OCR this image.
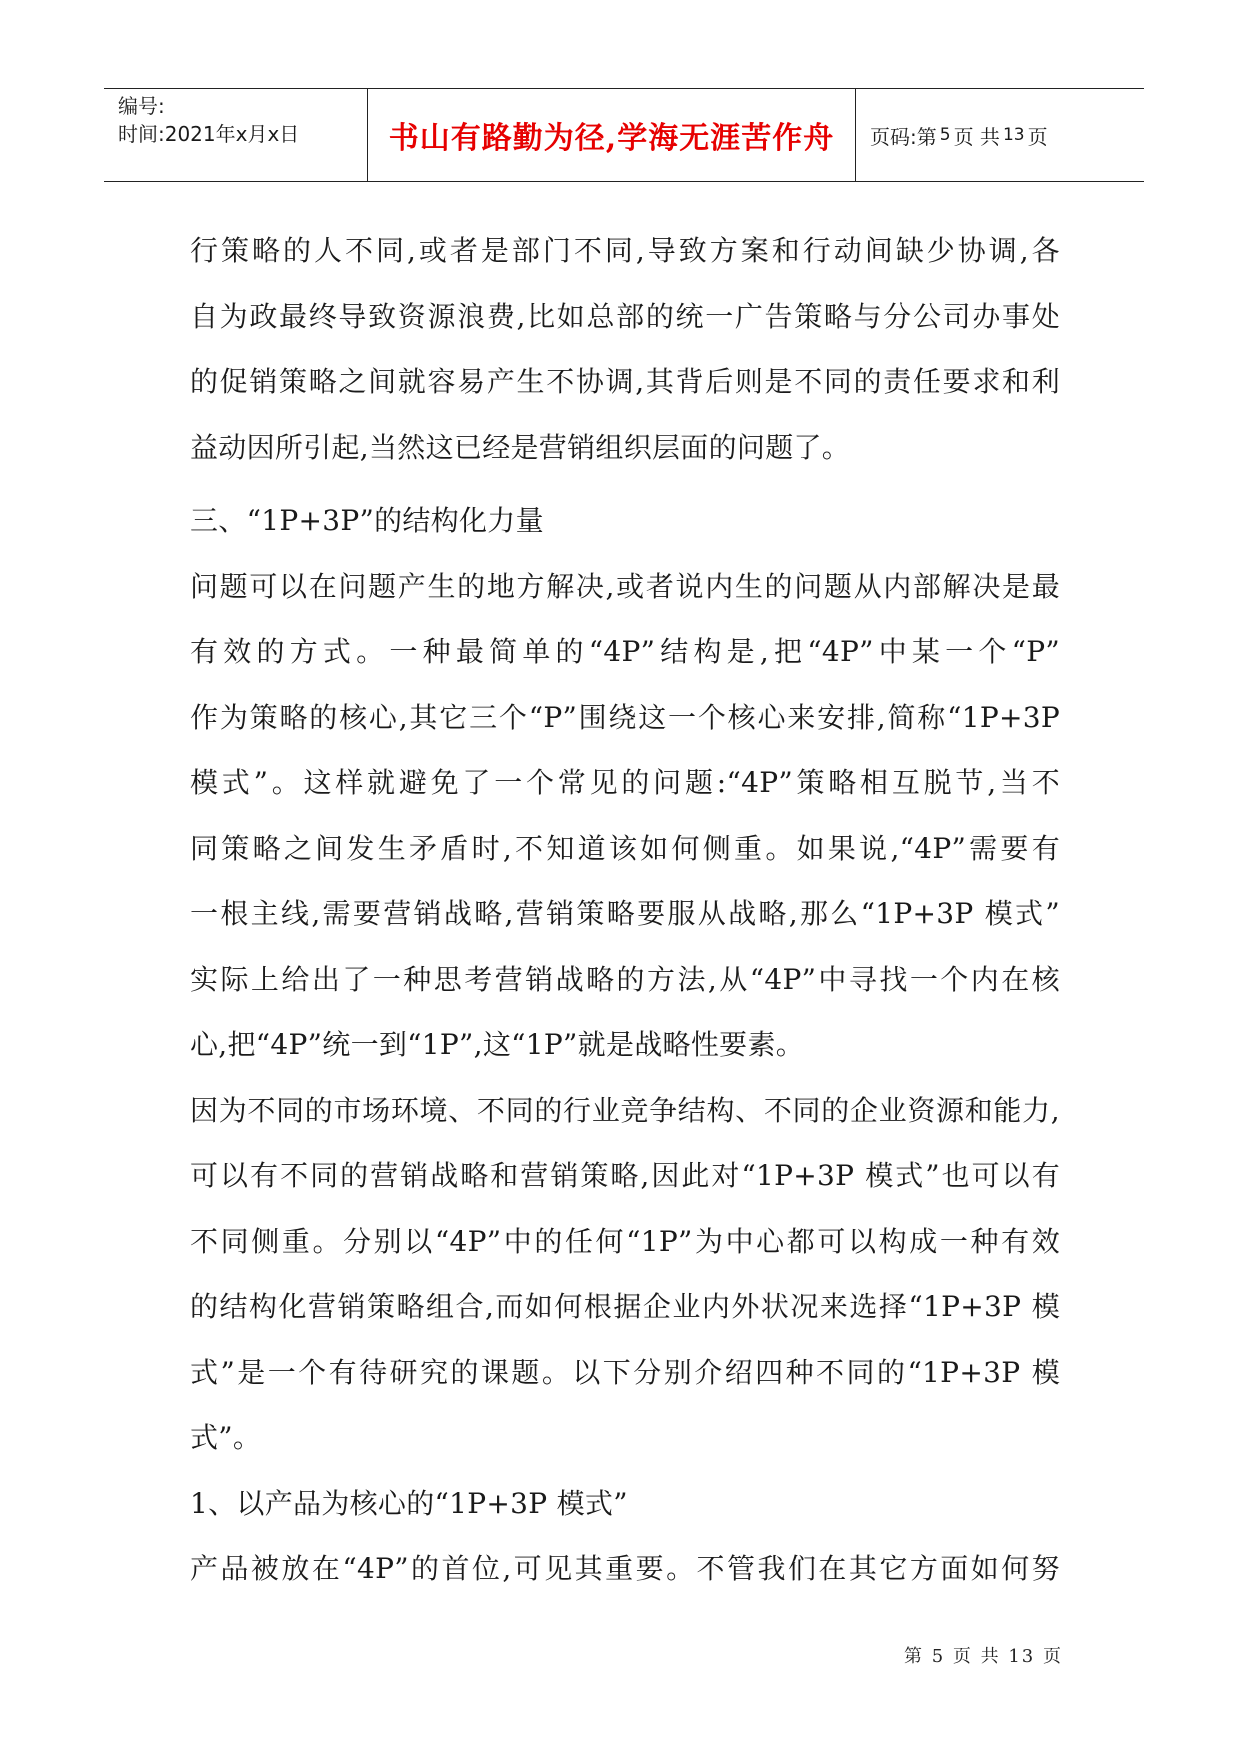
编号:
时间:2021年x月x日	书山有路勤为径,学海无涯苦作舟	页码:第 5 页 共 13 页
行策略的人不同,或者是部门不同,导致方案和行动间缺少协调,各
自为政最终导致资源浪费,比如总部的统一广告策略与分公司办事处
的促销策略之间就容易产生不协调,其背后则是不同的责任要求和利
益动因所引起,当然这已经是营销组织层面的问题了。
三、“1P+3P”的结构化力量
问题可以在问题产生的地方解决,或者说内生的问题从内部解决是最
有效的方式。一种最简单的“4P”结构是,把“4P”中某一个“P”
作为策略的核心,其它三个“P”围绕这一个核心来安排,简称“1P+3P
模式”。这样就避免了一个常见的问题:“4P”策略相互脱节,当不
同策略之间发生矛盾时,不知道该如何侧重。如果说,“4P”需要有
一根主线,需要营销战略,营销策略要服从战略,那么“1P+3P 模式”
实际上给出了一种思考营销战略的方法,从“4P”中寻找一个内在核
心,把“4P”统一到“1P”,这“1P”就是战略性要素。
因为不同的市场环境、不同的行业竞争结构、不同的企业资源和能力,
可以有不同的营销战略和营销策略,因此对“1P+3P 模式”也可以有
不同侧重。分别以“4P”中的任何“1P”为中心都可以构成一种有效
的结构化营销策略组合,而如何根据企业内外状况来选择“1P+3P 模
式”是一个有待研究的课题。以下分别介绍四种不同的“1P+3P 模
式”。
1、以产品为核心的“1P+3P 模式”
产品被放在“4P”的首位,可见其重要。不管我们在其它方面如何努
第 5 页 共 13 页
